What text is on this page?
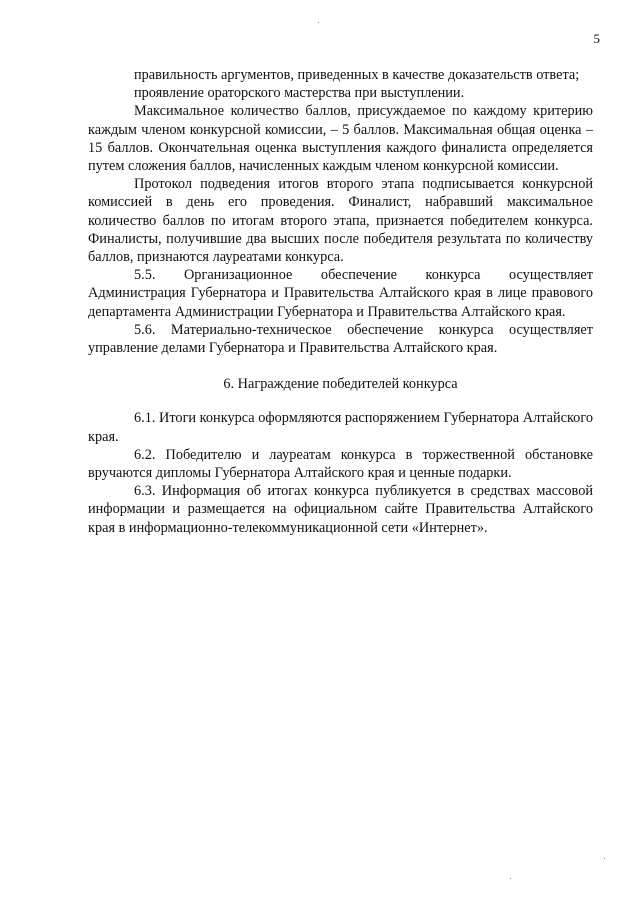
5

правильность аргументов, приведенных в качестве доказательств ответа;

проявление ораторского мастерства при выступлении.

Максимальное количество баллов, присуждаемое по каждому критерию каждым членом конкурсной комиссии, – 5 баллов. Максимальная общая оценка – 15 баллов. Окончательная оценка выступления каждого финалиста определяется путем сложения баллов, начисленных каждым членом конкурсной комиссии.

Протокол подведения итогов второго этапа подписывается конкурсной комиссией в день его проведения. Финалист, набравший максимальное количество баллов по итогам второго этапа, признается победителем конкурса. Финалисты, получившие два высших после победителя результата по количеству баллов, признаются лауреатами конкурса.

5.5. Организационное обеспечение конкурса осуществляет Администрация Губернатора и Правительства Алтайского края в лице правового департамента Администрации Губернатора и Правительства Алтайского края.

5.6. Материально-техническое обеспечение конкурса осуществляет управление делами Губернатора и Правительства Алтайского края.

6. Награждение победителей конкурса

6.1. Итоги конкурса оформляются распоряжением Губернатора Алтайского края.

6.2. Победителю и лауреатам конкурса в торжественной обстановке вручаются дипломы Губернатора Алтайского края и ценные подарки.

6.3. Информация об итогах конкурса публикуется в средствах массовой информации и размещается на официальном сайте Правительства Алтайского края в информационно-телекоммуникационной сети «Интернет».
